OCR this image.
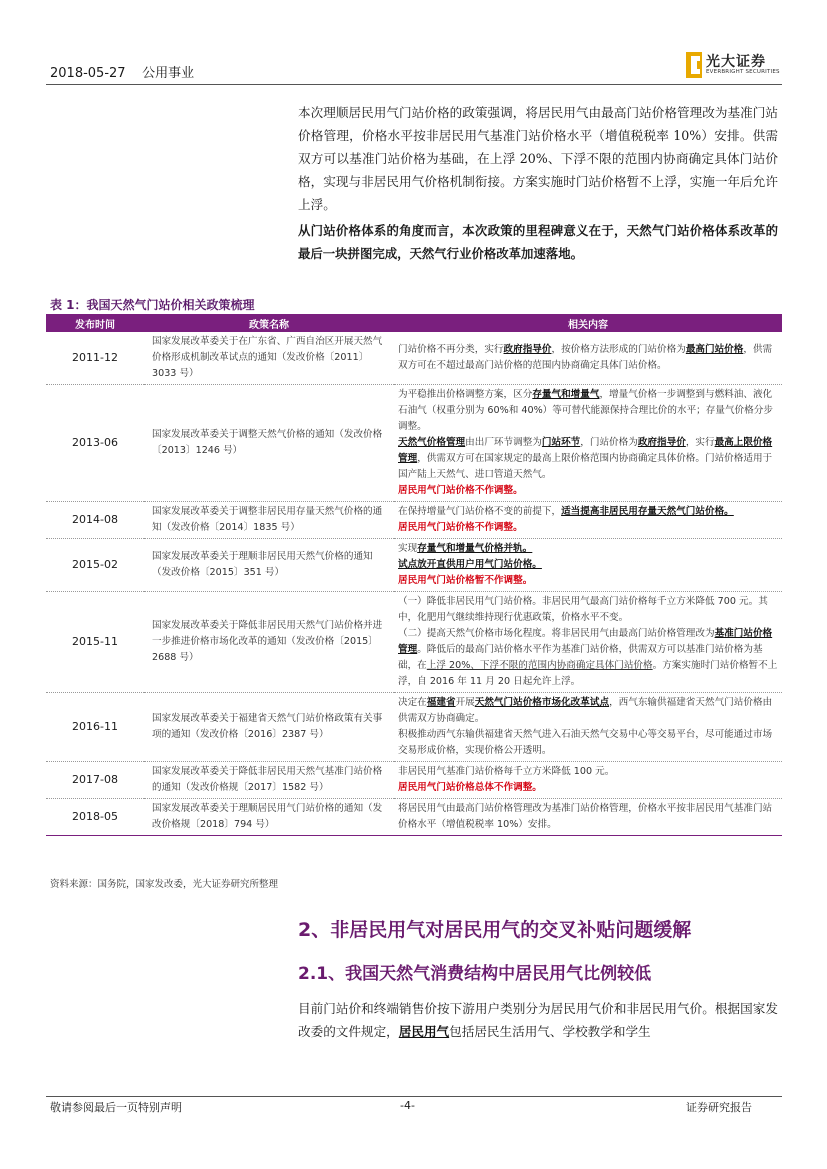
2018-05-27 公用事业
光大证券
EVERBRIGHT SECURITIES
本次理顺居民用气门站价格的政策强调，将居民用气由最高门站价格管理改为基准门站价格管理，价格水平按非居民用气基准门站价格水平（增值税税率 10%）安排。供需双方可以基准门站价格为基础，在上浮 20%、下浮不限的范围内协商确定具体门站价格，实现与非居民用气价格机制衔接。方案实施时门站价格暂不上浮，实施一年后允许上浮。
从门站价格体系的角度而言，本次政策的里程碑意义在于，天然气门站价格体系改革的最后一块拼图完成，天然气行业价格改革加速落地。
表 1：我国天然气门站价相关政策梳理
发布时间	政策名称	相关内容
2011-12	国家发展改革委关于在广东省、广西自治区开展天然气价格形成机制改革试点的通知（发改价格〔2011〕3033 号）	门站价格不再分类，实行政府指导价，按价格方法形成的门站价格为最高门站价格，供需双方可在不超过最高门站价格的范围内协商确定具体门站价格。
2013-06	国家发展改革委关于调整天然气价格的通知（发改价格〔2013〕1246 号）	为平稳推出价格调整方案，区分存量气和增量气，增量气价格一步调整到与燃料油、液化石油气（权重分别为 60%和 40%）等可替代能源保持合理比价的水平；存量气价格分步调整。
天然气价格管理由出厂环节调整为门站环节，门站价格为政府指导价，实行最高上限价格管理，供需双方可在国家规定的最高上限价格范围内协商确定具体价格。门站价格适用于国产陆上天然气、进口管道天然气。
居民用气门站价格不作调整。

2014-08	国家发展改革委关于调整非居民用存量天然气价格的通知（发改价格〔2014〕1835 号）	在保持增量气门站价格不变的前提下，适当提高非居民用存量天然气门站价格。
居民用气门站价格不作调整。

2015-02	国家发展改革委关于理顺非居民用天然气价格的通知（发改价格〔2015〕351 号）	实现存量气和增量气价格并轨。
试点放开直供用户用气门站价格。
居民用气门站价格暂不作调整。

2015-11	国家发展改革委关于降低非居民用天然气门站价格并进一步推进价格市场化改革的通知（发改价格〔2015〕2688 号）	（一）降低非居民用气门站价格。非居民用气最高门站价格每千立方米降低 700 元。其中，化肥用气继续维持现行优惠政策，价格水平不变。
（二）提高天然气价格市场化程度。将非居民用气由最高门站价格管理改为基准门站价格管理。降低后的最高门站价格水平作为基准门站价格，供需双方可以基准门站价格为基础，在上浮 20%、下浮不限的范围内协商确定具体门站价格。方案实施时门站价格暂不上浮，自 2016 年 11 月 20 日起允许上浮。

2016-11	国家发展改革委关于福建省天然气门站价格政策有关事项的通知（发改价格〔2016〕2387 号）	决定在福建省开展天然气门站价格市场化改革试点，西气东输供福建省天然气门站价格由供需双方协商确定。
积极推动西气东输供福建省天然气进入石油天然气交易中心等交易平台，尽可能通过市场交易形成价格，实现价格公开透明。

2017-08	国家发展改革委关于降低非居民用天然气基准门站价格的通知（发改价格规〔2017〕1582 号）	非居民用气基准门站价格每千立方米降低 100 元。
居民用气门站价格总体不作调整。

2018-05	国家发展改革委关于理顺居民用气门站价格的通知（发改价格规〔2018〕794 号）	将居民用气由最高门站价格管理改为基准门站价格管理，价格水平按非居民用气基准门站价格水平（增值税税率 10%）安排。
资料来源：国务院，国家发改委，光大证券研究所整理
2、非居民用气对居民用气的交叉补贴问题缓解
2.1、我国天然气消费结构中居民用气比例较低
目前门站价和终端销售价按下游用户类别分为居民用气价和非居民用气价。根据国家发改委的文件规定，居民用气包括居民生活用气、学校教学和学生
敬请参阅最后一页特别声明	-4-	证券研究报告
